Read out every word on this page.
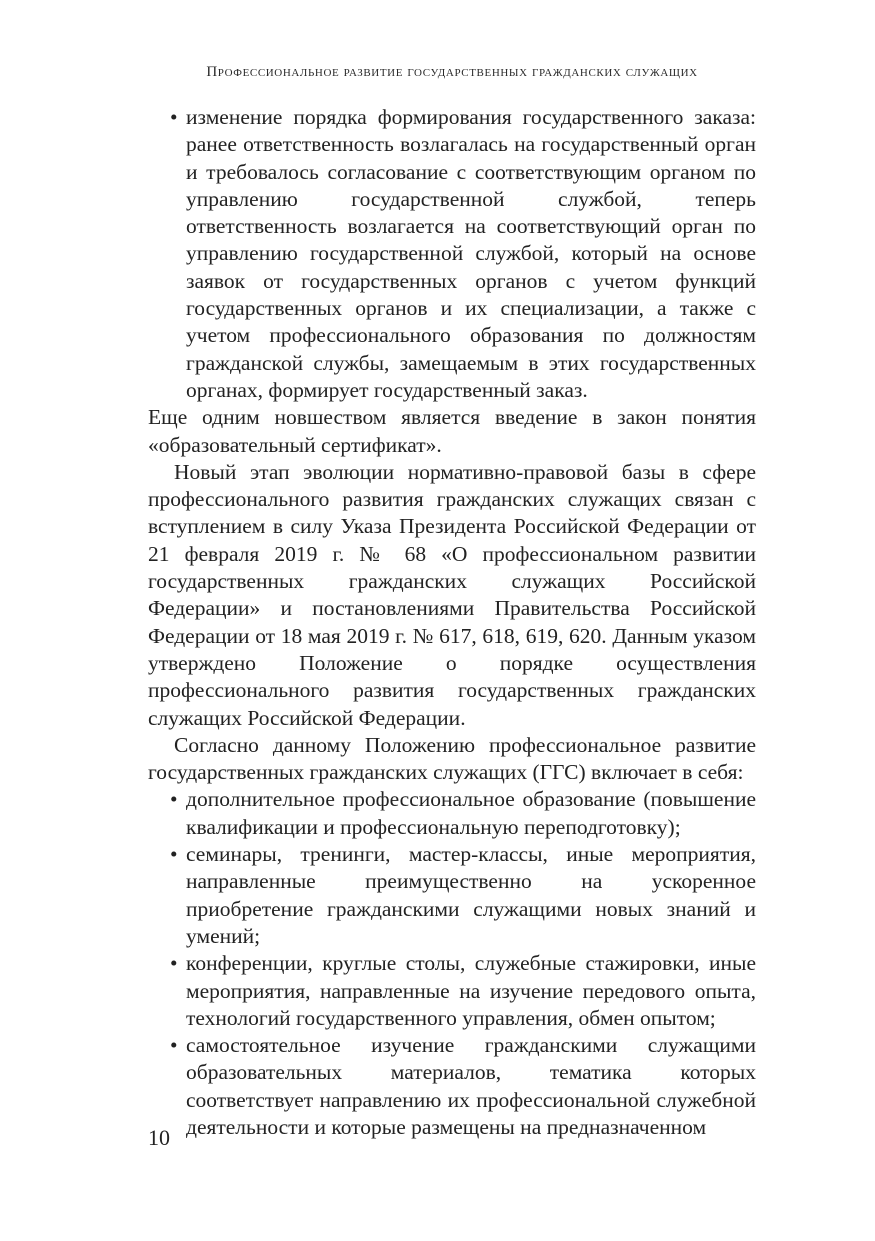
Профессиональное развитие государственных гражданских служащих
• изменение порядка формирования государственного заказа: ранее ответственность возлагалась на государственный орган и требовалось согласование с соответствующим органом по управлению государственной службой, теперь ответственность возлагается на соответствующий орган по управлению государственной службой, который на основе заявок от государственных органов с учетом функций государственных органов и их специализации, а также с учетом профессионального образования по должностям гражданской службы, замещаемым в этих государственных органах, формирует государственный заказ.

Еще одним новшеством является введение в закон понятия «образовательный сертификат».

Новый этап эволюции нормативно-правовой базы в сфере профессионального развития гражданских служащих связан с вступлением в силу Указа Президента Российской Федерации от 21 февраля 2019 г. № 68 «О профессиональном развитии государственных гражданских служащих Российской Федерации» и постановлениями Правительства Российской Федерации от 18 мая 2019 г. № 617, 618, 619, 620. Данным указом утверждено Положение о порядке осуществления профессионального развития государственных гражданских служащих Российской Федерации.

Согласно данному Положению профессиональное развитие государственных гражданских служащих (ГГС) включает в себя:

• дополнительное профессиональное образование (повышение квалификации и профессиональную переподготовку);
• семинары, тренинги, мастер-классы, иные мероприятия, направленные преимущественно на ускоренное приобретение гражданскими служащими новых знаний и умений;
• конференции, круглые столы, служебные стажировки, иные мероприятия, направленные на изучение передового опыта, технологий государственного управления, обмен опытом;
• самостоятельное изучение гражданскими служащими образовательных материалов, тематика которых соответствует направлению их профессиональной служебной деятельности и которые размещены на предназначенном
10
